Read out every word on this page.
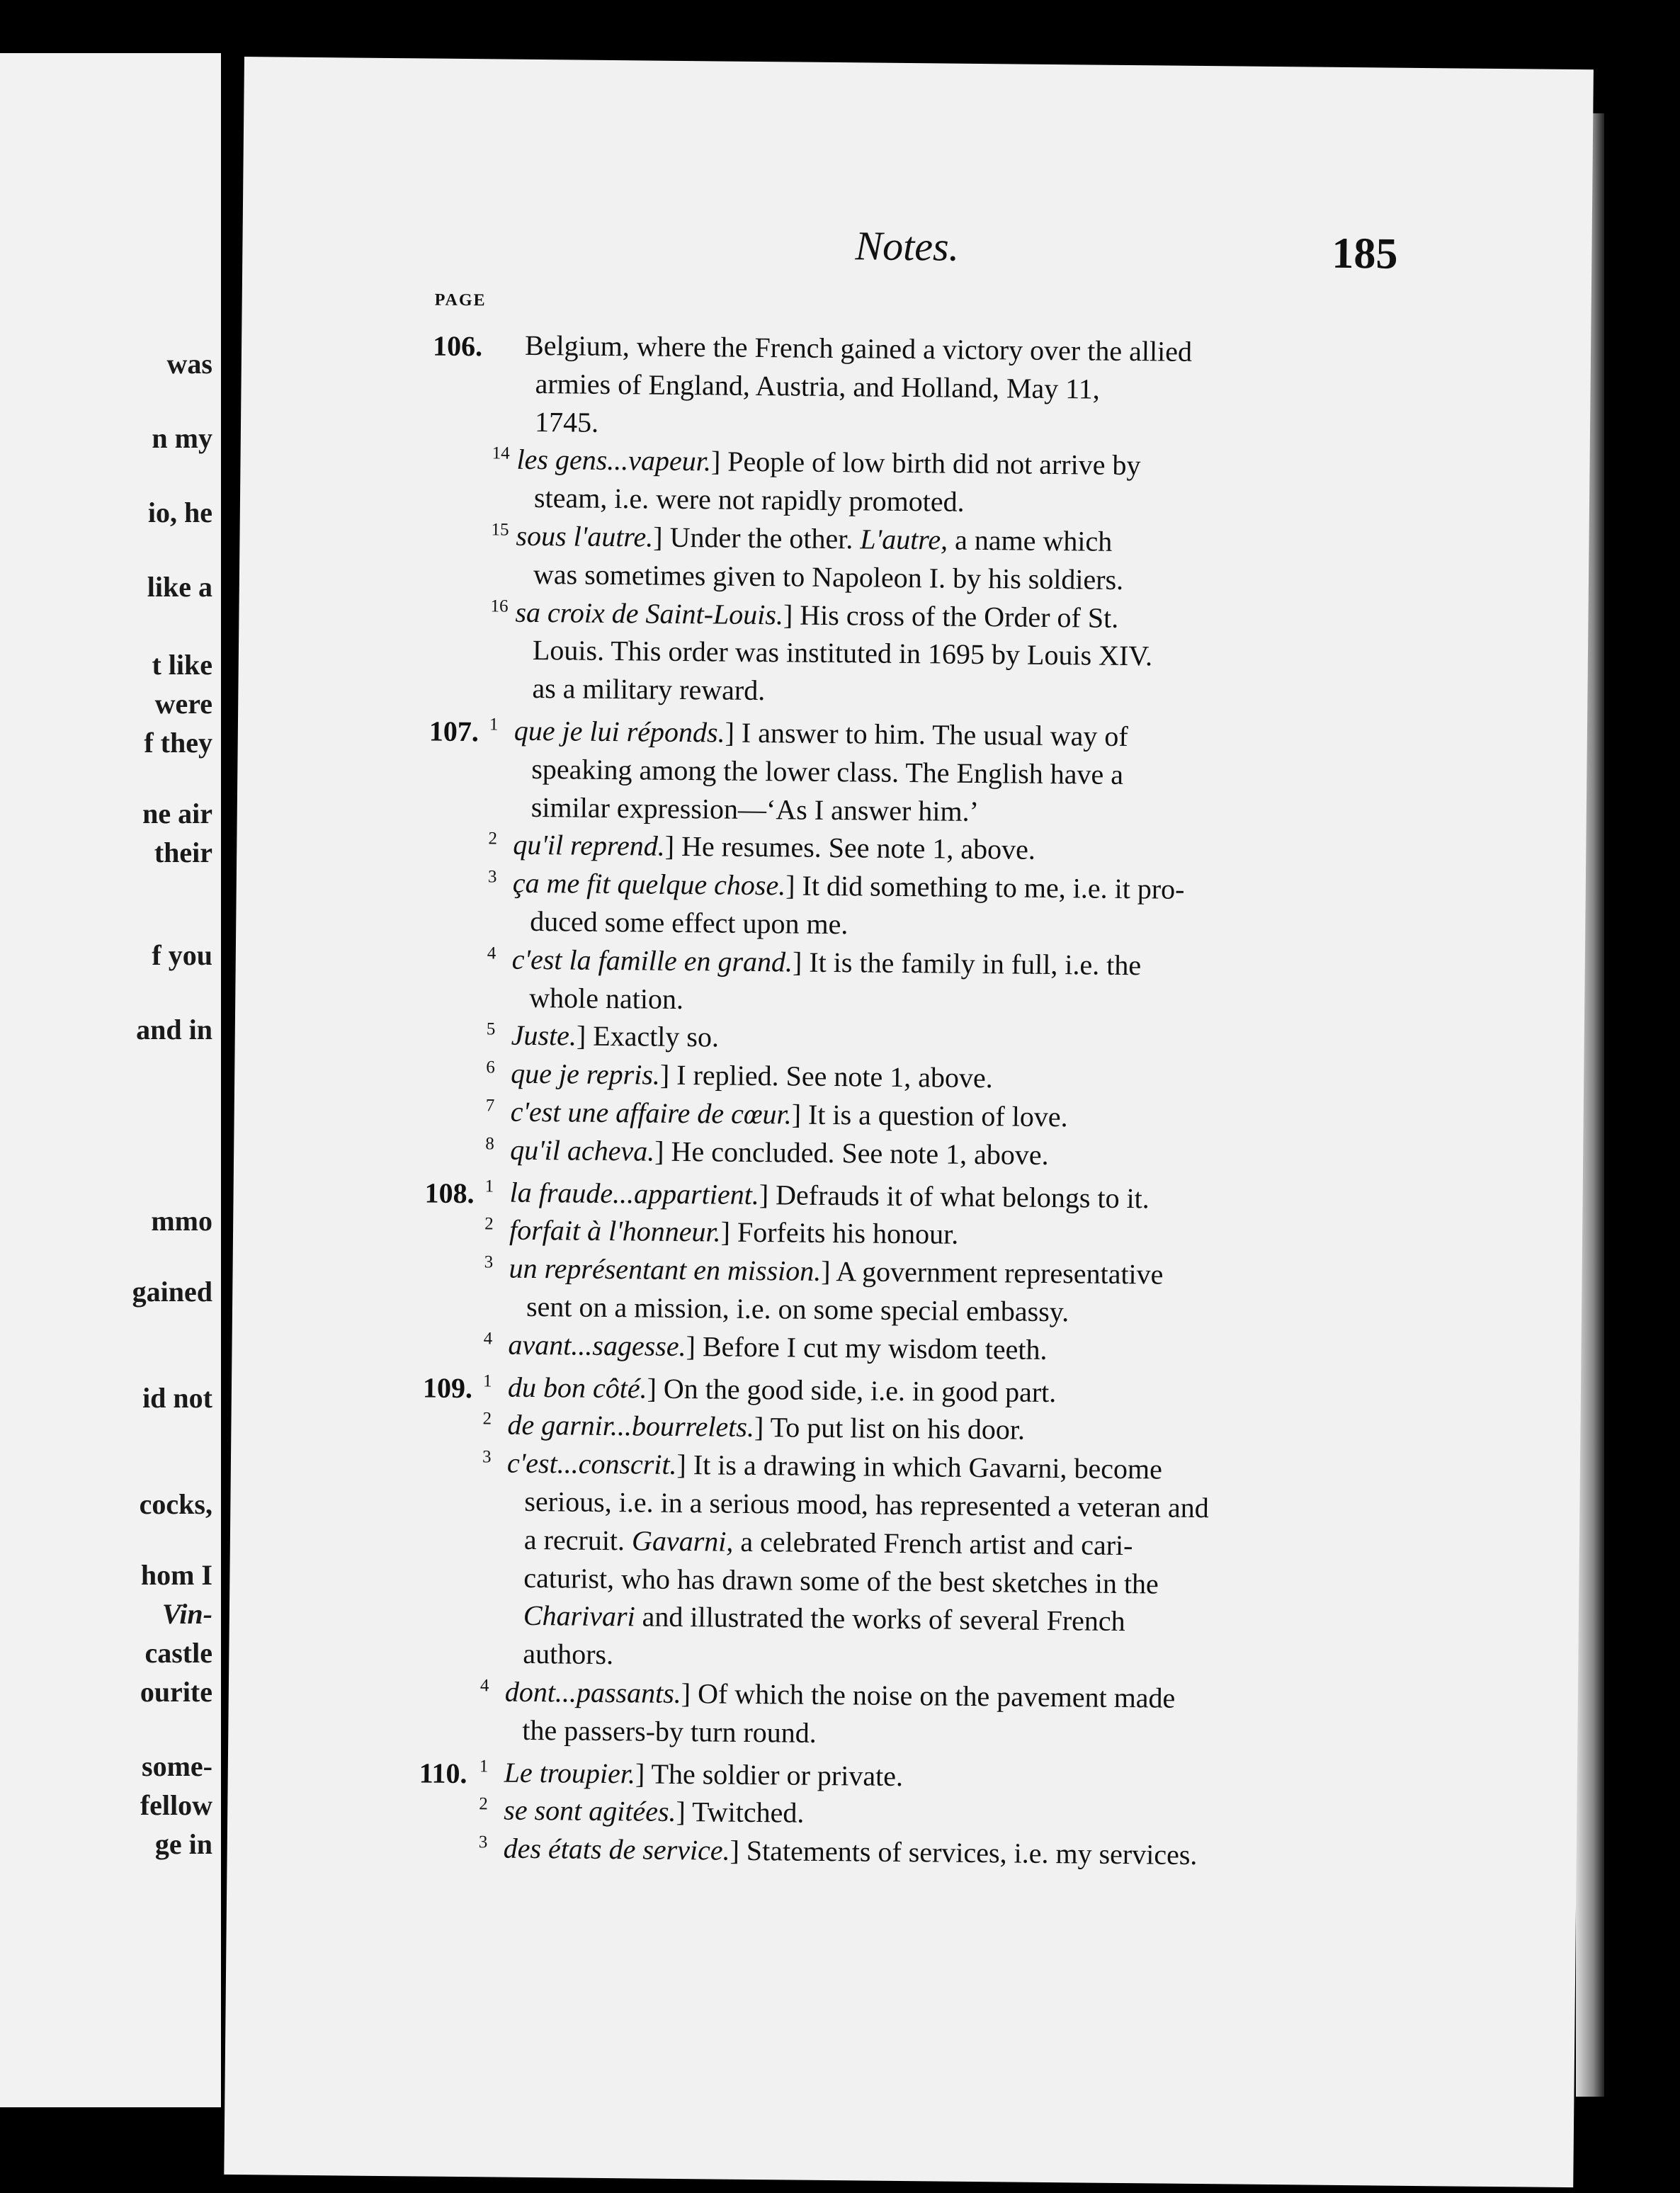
was
n my
io, he
like a
t like
were
f they
ne air
their
f you
and in
mmo
gained
id not
cocks,
hom I
Vin-
castle
ourite
some-
fellow
ge in
Notes.	185
PAGE
106. Belgium, where the French gained a victory over the allied
armies of England, Austria, and Holland, May 11,
1745.
14 les gens...vapeur.] People of low birth did not arrive by
steam, i.e. were not rapidly promoted.
15 sous l'autre.] Under the other. L'autre, a name which
was sometimes given to Napoleon I. by his soldiers.
16 sa croix de Saint-Louis.] His cross of the Order of St.
Louis. This order was instituted in 1695 by Louis XIV.
as a military reward.
107. 1 que je lui réponds.] I answer to him. The usual way of
speaking among the lower class. The English have a
similar expression—‘As I answer him.’
2 qu'il reprend.] He resumes. See note 1, above.
3 ça me fit quelque chose.] It did something to me, i.e. it pro-
duced some effect upon me.
4 c'est la famille en grand.] It is the family in full, i.e. the
whole nation.
5 Juste.] Exactly so.
6 que je repris.] I replied. See note 1, above.
7 c'est une affaire de cœur.] It is a question of love.
8 qu'il acheva.] He concluded. See note 1, above.
108. 1 la fraude...appartient.] Defrauds it of what belongs to it.
2 forfait à l'honneur.] Forfeits his honour.
3 un représentant en mission.] A government representative
sent on a mission, i.e. on some special embassy.
4 avant...sagesse.] Before I cut my wisdom teeth.
109. 1 du bon côté.] On the good side, i.e. in good part.
2 de garnir...bourrelets.] To put list on his door.
3 c'est...conscrit.] It is a drawing in which Gavarni, become
serious, i.e. in a serious mood, has represented a veteran and
a recruit. Gavarni, a celebrated French artist and cari-
caturist, who has drawn some of the best sketches in the
Charivari and illustrated the works of several French
authors.
4 dont...passants.] Of which the noise on the pavement made
the passers-by turn round.
110. 1 Le troupier.] The soldier or private.
2 se sont agitées.] Twitched.
3 des états de service.] Statements of services, i.e. my services.
